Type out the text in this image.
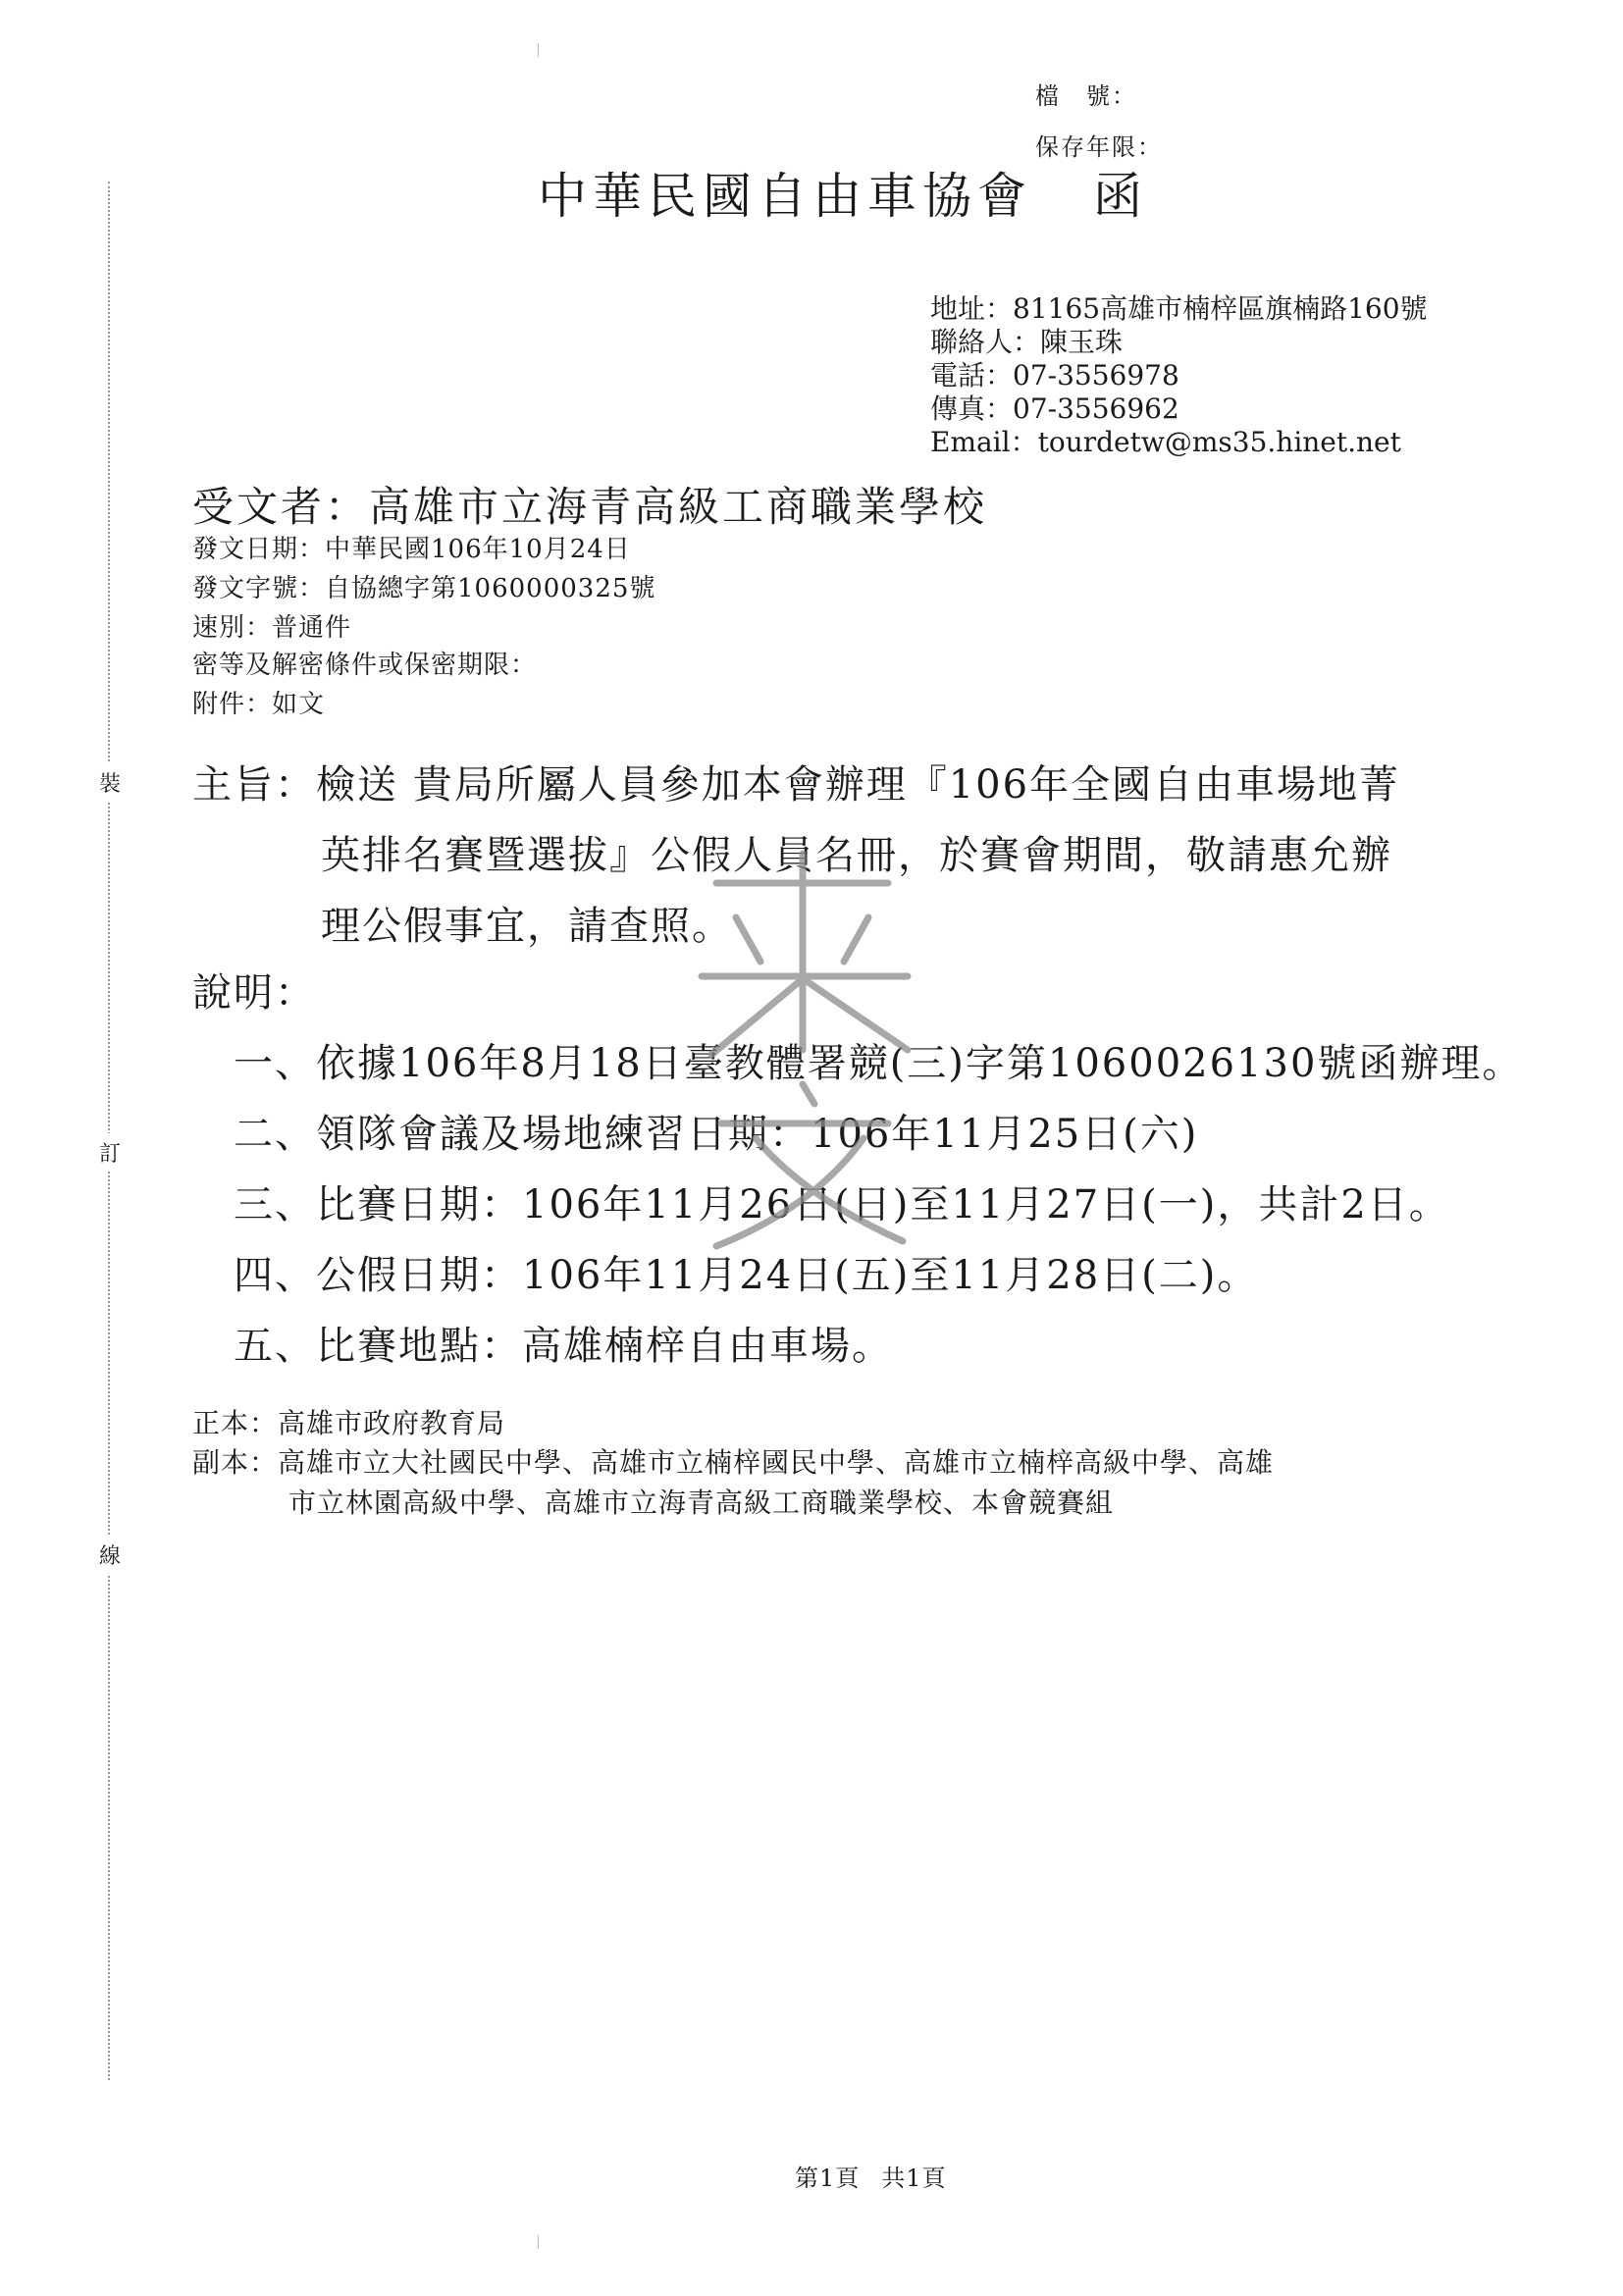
裝
訂
線
檔　號：
保存年限：
中華民國自由車協會 函
地址：81165高雄市楠梓區旗楠路160號
聯絡人：陳玉珠
電話：07-3556978
傳真：07-3556962
Email：tourdetw@ms35.hinet.net
受文者：高雄市立海青高級工商職業學校
發文日期：中華民國106年10月24日
發文字號：自協總字第1060000325號
速別：普通件
密等及解密條件或保密期限：
附件：如文
主旨：檢送 貴局所屬人員參加本會辦理『106年全國自由車場地菁
英排名賽暨選拔』公假人員名冊，於賽會期間，敬請惠允辦
理公假事宜，請查照。
說明：
一、依據106年8月18日臺教體署競(三)字第1060026130號函辦理。
二、領隊會議及場地練習日期：106年11月25日(六)
三、比賽日期：106年11月26日(日)至11月27日(一)，共計2日。
四、公假日期：106年11月24日(五)至11月28日(二)。
五、比賽地點：高雄楠梓自由車場。
正本：高雄市政府教育局
副本：高雄市立大社國民中學、高雄市立楠梓國民中學、高雄市立楠梓高級中學、高雄
市立林園高級中學、高雄市立海青高級工商職業學校、本會競賽組
第1頁 共1頁
